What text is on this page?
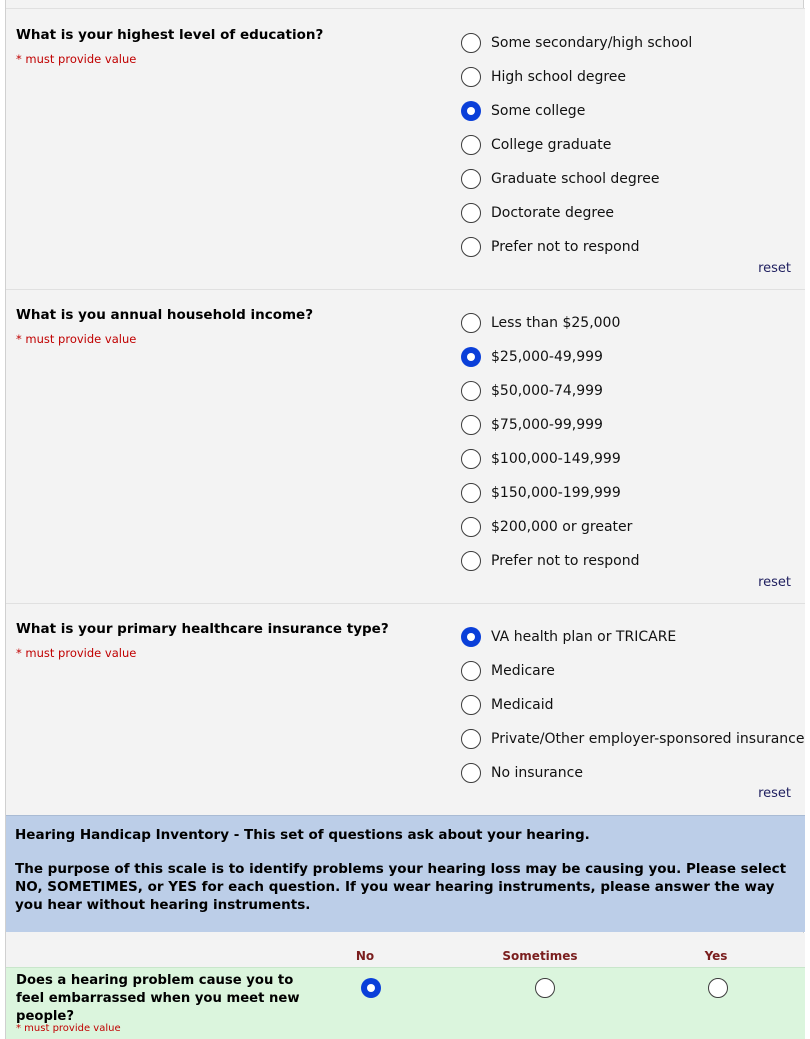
What is your highest level of education?
* must provide value
Some secondary/high school
High school degree
Some college
College graduate
Graduate school degree
Doctorate degree
Prefer not to respond
reset
What is you annual household income?
* must provide value
Less than $25,000
$25,000-49,999
$50,000-74,999
$75,000-99,999
$100,000-149,999
$150,000-199,999
$200,000 or greater
Prefer not to respond
reset
What is your primary healthcare insurance type?
* must provide value
VA health plan or TRICARE
Medicare
Medicaid
Private/Other employer-sponsored insurance
No insurance
reset

Hearing Handicap Inventory - This set of questions ask about your hearing.

The purpose of this scale is to identify problems your hearing loss may be causing you. Please select NO, SOMETIMES, or YES for each question. If you wear hearing instruments, please answer the way you hear without hearing instruments.

No	Sometimes	Yes
Does a hearing problem cause you to feel embarrassed when you meet new people?
* must provide value
